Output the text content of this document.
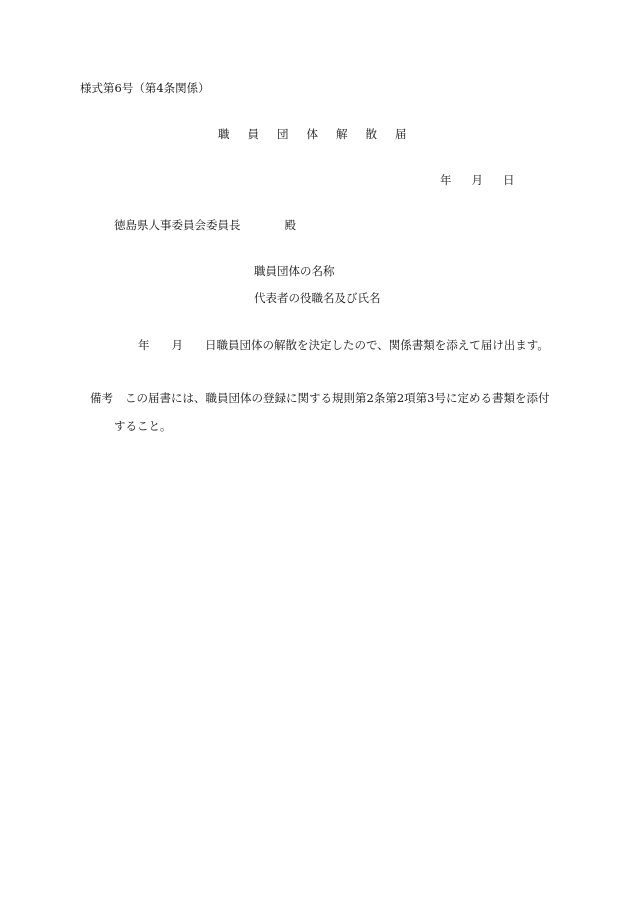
様式第6号（第4条関係）
職 員 団 体 解 散 届
年 月 日
徳島県人事委員会委員長	殿
職員団体の名称
代表者の役職名及び氏名
年 月 日職員団体の解散を決定したので、関係書類を添えて届け出ます。
備考 この届書には、職員団体の登録に関する規則第2条第2項第3号に定める書類を添付
すること。
